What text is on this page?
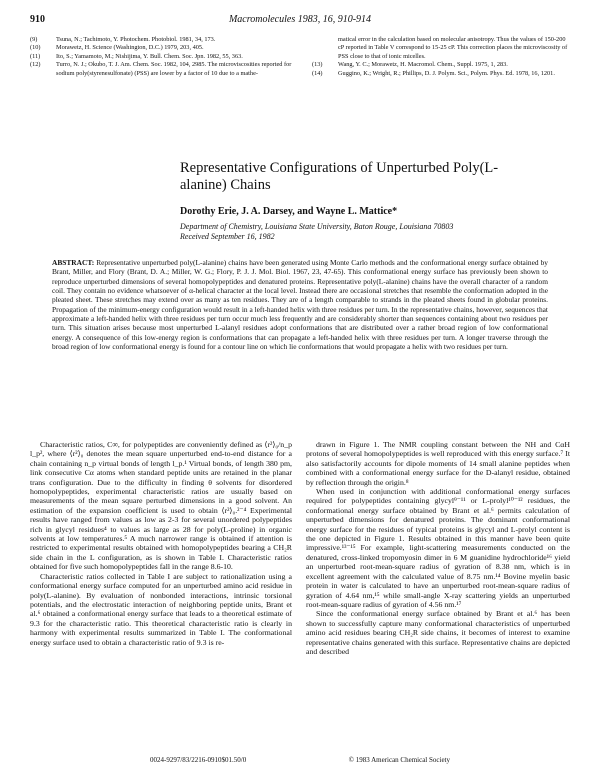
910	Macromolecules 1983, 16, 910-914
(9)	Tsuna, N.; Tachimoto, Y. Photochem. Photobiol. 1981, 34, 173.
(10)	Morawetz, H. Science (Washington, D.C.) 1979, 203, 405.
(11)	Ito, S.; Yamamoto, M.; Nishijima, Y. Bull. Chem. Soc. Jpn. 1982, 55, 363.
(12)	Turro, N. J.; Okubo, T. J. Am. Chem. Soc. 1982, 104, 2985. The microviscosities reported for sodium poly(styrenesulfonate) (PSS) are lower by a factor of 10 due to a mathe-
matical error in the calculation based on molecular anisotropy. Thus the values of 150-200 cP reported in Table V correspond to 15-25 cP. This correction places the microviscosity of PSS close to that of ionic micelles.
(13)	Wang, Y. C.; Morawetz, H. Macromol. Chem., Suppl. 1975, 1, 283.
(14)	Guggino, K.; Wright, R.; Phillips, D. J. Polym. Sci., Polym. Phys. Ed. 1978, 16, 1201.
Representative Configurations of Unperturbed Poly(L-alanine) Chains
Dorothy Erie, J. A. Darsey, and Wayne L. Mattice*
Department of Chemistry, Louisiana State University, Baton Rouge, Louisiana 70803
Received September 16, 1982
ABSTRACT: Representative unperturbed poly(L-alanine) chains have been generated using Monte Carlo methods and the conformational energy surface obtained by Brant, Miller, and Flory (Brant, D. A.; Miller, W. G.; Flory, P. J. J. Mol. Biol. 1967, 23, 47-65). This conformational energy surface has previously been shown to reproduce unperturbed dimensions of several homopolypeptides and denatured proteins. Representative poly(L-alanine) chains have the overall character of a random coil. They contain no evidence whatsoever of α-helical character at the local level. Instead there are occasional stretches that resemble the conformation adopted in the pleated sheet. These stretches may extend over as many as ten residues. They are of a length comparable to strands in the pleated sheets found in globular proteins. Propagation of the minimum-energy configuration would result in a left-handed helix with three residues per turn. In the representative chains, however, sequences that approximate a left-handed helix with three residues per turn occur much less frequently and are considerably shorter than sequences containing about two residues per turn. This situation arises because most unperturbed L-alanyl residues adopt conformations that are distributed over a rather broad region of low conformational energy. A consequence of this low-energy region is conformations that can propagate a left-handed helix with three residues per turn. A longer traverse through the broad region of low conformational energy is found for a contour line on which lie conformations that would propagate a helix with two residues per turn.

Characteristic ratios, C∞, for polypeptides are conveniently defined as ⟨r²⟩₀/n_p l_p², where ⟨r²⟩₀ denotes the mean square unperturbed end-to-end distance for a chain containing n_p virtual bonds of length l_p.¹ Virtual bonds, of length 380 pm, link consecutive Cα atoms when standard peptide units are retained in the planar trans configuration. Due to the difficulty in finding θ solvents for disordered homopolypeptides, experimental characteristic ratios are usually based on measurements of the mean square perturbed dimensions in a good solvent. An estimation of the expansion coefficient is used to obtain ⟨r²⟩₀.²⁻⁴ Experimental results have ranged from values as low as 2-3 for several unordered polypeptides rich in glycyl residues⁴ to values as large as 28 for poly(L-proline) in organic solvents at low temperatures.⁵ A much narrower range is obtained if attention is restricted to experimental results obtained with homopolypeptides bearing a CH₂R side chain in the L configuration, as is shown in Table I. Characteristic ratios obtained for five such homopolypeptides fall in the range 8.6-10.

Characteristic ratios collected in Table I are subject to rationalization using a conformational energy surface computed for an unperturbed amino acid residue in poly(L-alanine). By evaluation of nonbonded interactions, intrinsic torsional potentials, and the electrostatic interaction of neighboring peptide units, Brant et al.⁶ obtained a conformational energy surface that leads to a theoretical estimate of 9.3 for the characteristic ratio. This theoretical characteristic ratio is clearly in harmony with experimental results summarized in Table I. The conformational energy surface used to obtain a characteristic ratio of 9.3 is re-

drawn in Figure 1. The NMR coupling constant between the NH and CαH protons of several homopolypeptides is well reproduced with this energy surface.⁷ It also satisfactorily accounts for dipole moments of 14 small alanine peptides when combined with a conformational energy surface for the D-alanyl residue, obtained by reflection through the origin.⁸

When used in conjunction with additional conformational energy surfaces required for polypeptides containing glycyl⁹⁻¹¹ or L-prolyl¹⁰⁻¹² residues, the conformational energy surface obtained by Brant et al.⁶ permits calculation of unperturbed dimensions for denatured proteins. The dominant conformational energy surface for the residues of typical proteins is glycyl and L-prolyl content is the one depicted in Figure 1. Results obtained in this manner have been quite impressive.¹³⁻¹⁵ For example, light-scattering measurements conducted on the denatured, cross-linked tropomyosin dimer in 6 M guanidine hydrochloride¹⁶ yield an unperturbed root-mean-square radius of gyration of 8.38 nm, which is in excellent agreement with the calculated value of 8.75 nm.¹⁴ Bovine myelin basic protein in water is calculated to have an unperturbed root-mean-square radius of gyration of 4.64 nm,¹⁵ while small-angle X-ray scattering yields an unperturbed root-mean-square radius of gyration of 4.56 nm.¹⁷

Since the conformational energy surface obtained by Brant et al.⁶ has been shown to successfully capture many conformational characteristics of unperturbed amino acid residues bearing CH₂R side chains, it becomes of interest to examine representative chains generated with this surface. Representative chains are depicted and described

0024-9297/83/2216-0910$01.50/0	© 1983 American Chemical Society
